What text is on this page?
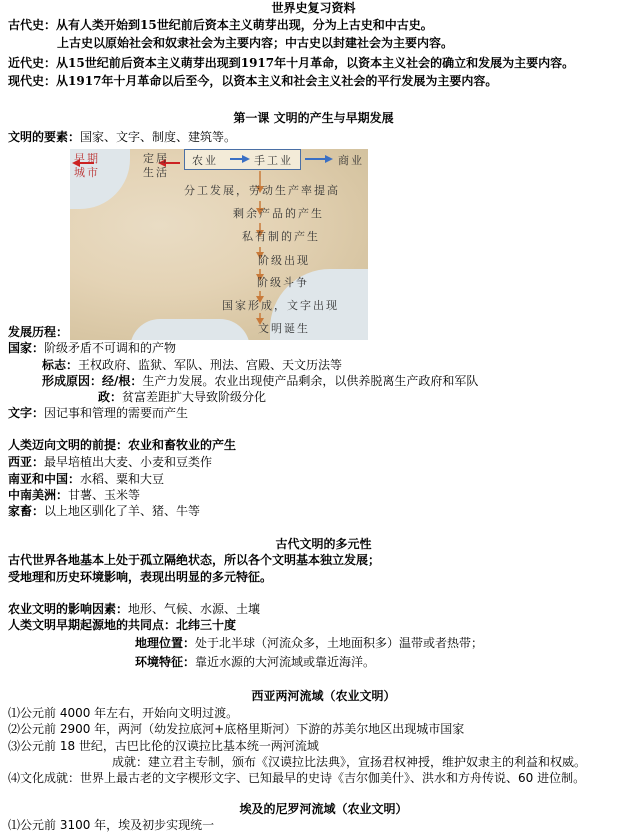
世界史复习资料
古代史：从有人类开始到15世纪前后资本主义萌芽出现，分为上古史和中古史。
上古史以原始社会和奴隶社会为主要内容；中古史以封建社会为主要内容。
近代史：从15世纪前后资本主义萌芽出现到1917年十月革命，以资本主义社会的确立和发展为主要内容。
现代史：从1917年十月革命以后至今，以资本主义和社会主义社会的平行发展为主要内容。
第一课 文明的产生与早期发展
文明的要素：国家、文字、制度、建筑等。
早期
城市
定居
生活
农业	手工业	商业
分工发展，劳动生产率提高
剩余产品的产生
私有制的产生
阶级出现
阶级斗争
国家形成，文字出现
文明诞生
发展历程：
国家：阶级矛盾不可调和的产物
标志：王权政府、监狱、军队、刑法、宫殿、天文历法等
形成原因：经/根：生产力发展。农业出现使产品剩余，以供养脱离生产政府和军队
政：贫富差距扩大导致阶级分化
文字：因记事和管理的需要而产生
人类迈向文明的前提：农业和畜牧业的产生
西亚：最早培植出大麦、小麦和豆类作
南亚和中国：水稻、粟和大豆
中南美洲：甘薯、玉米等
家畜：以上地区驯化了羊、猪、牛等
古代文明的多元性
古代世界各地基本上处于孤立隔绝状态，所以各个文明基本独立发展；
受地理和历史环境影响，表现出明显的多元特征。
农业文明的影响因素：地形、气候、水源、土壤
人类文明早期起源地的共同点：北纬三十度
地理位置：处于北半球（河流众多，土地面积多）温带或者热带；
环境特征：靠近水源的大河流域或靠近海洋。
西亚两河流域（农业文明）
⑴公元前 4000 年左右，开始向文明过渡。
⑵公元前 2900 年，两河（幼发拉底河+底格里斯河）下游的苏美尔地区出现城市国家
⑶公元前 18 世纪，古巴比伦的汉谟拉比基本统一两河流域
成就：建立君主专制，颁布《汉谟拉比法典》，宣扬君权神授，维护奴隶主的利益和权威。
⑷文化成就：世界上最古老的文字楔形文字、已知最早的史诗《吉尔伽美什》、洪水和方舟传说、60 进位制。
埃及的尼罗河流域（农业文明）
⑴公元前 3100 年，埃及初步实现统一
